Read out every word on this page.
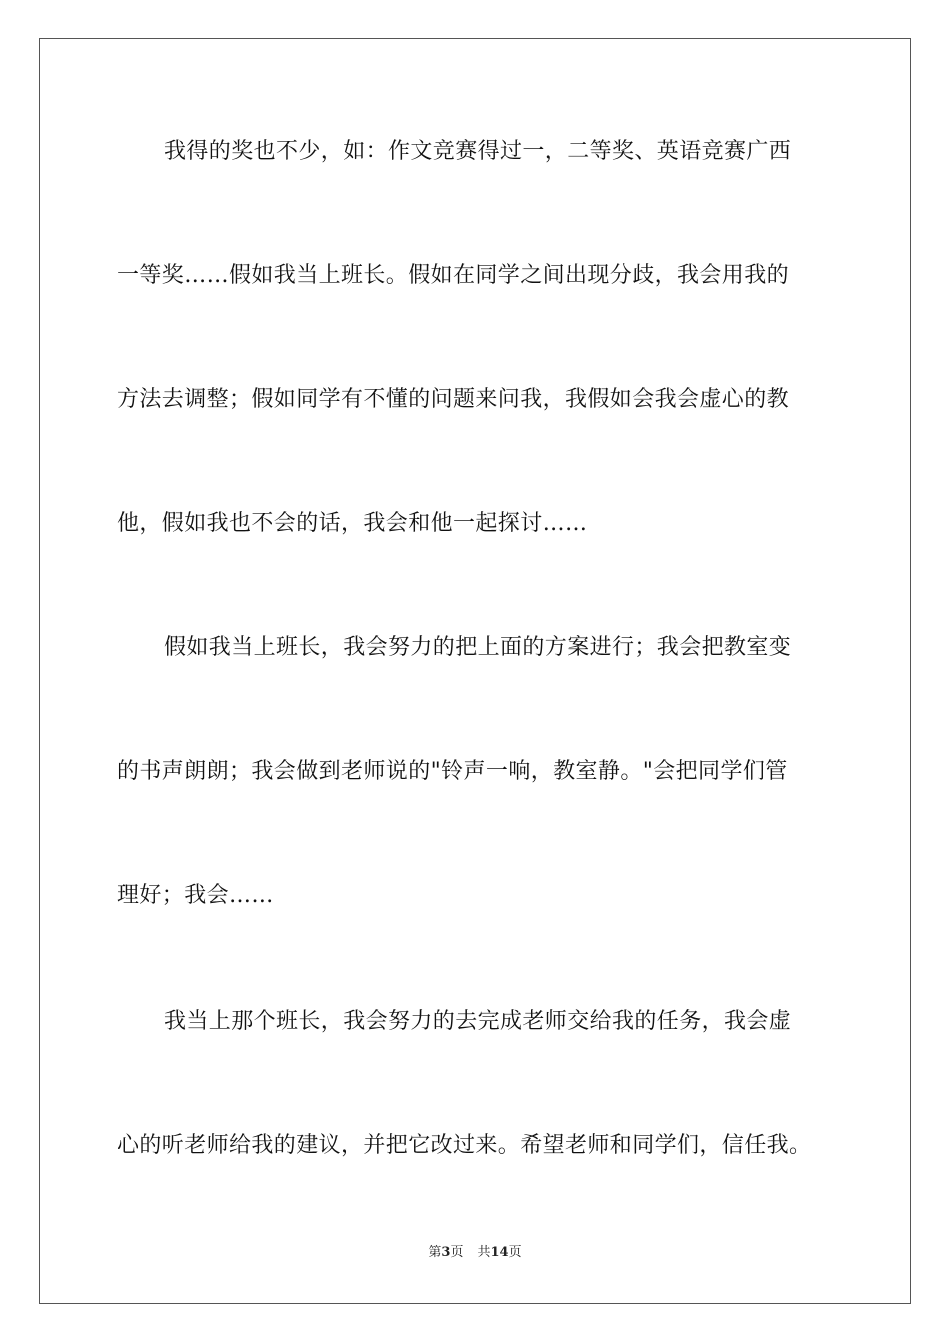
我得的奖也不少，如：作文竞赛得过一，二等奖、英语竞赛广西
一等奖……假如我当上班长。假如在同学之间出现分歧，我会用我的
方法去调整；假如同学有不懂的问题来问我，我假如会我会虚心的教
他，假如我也不会的话，我会和他一起探讨……
假如我当上班长，我会努力的把上面的方案进行；我会把教室变
的书声朗朗；我会做到老师说的"铃声一响，教室静。"会把同学们管
理好；我会……
我当上那个班长，我会努力的去完成老师交给我的任务，我会虚
心的听老师给我的建议，并把它改过来。希望老师和同学们，信任我。
第3页 共14页
